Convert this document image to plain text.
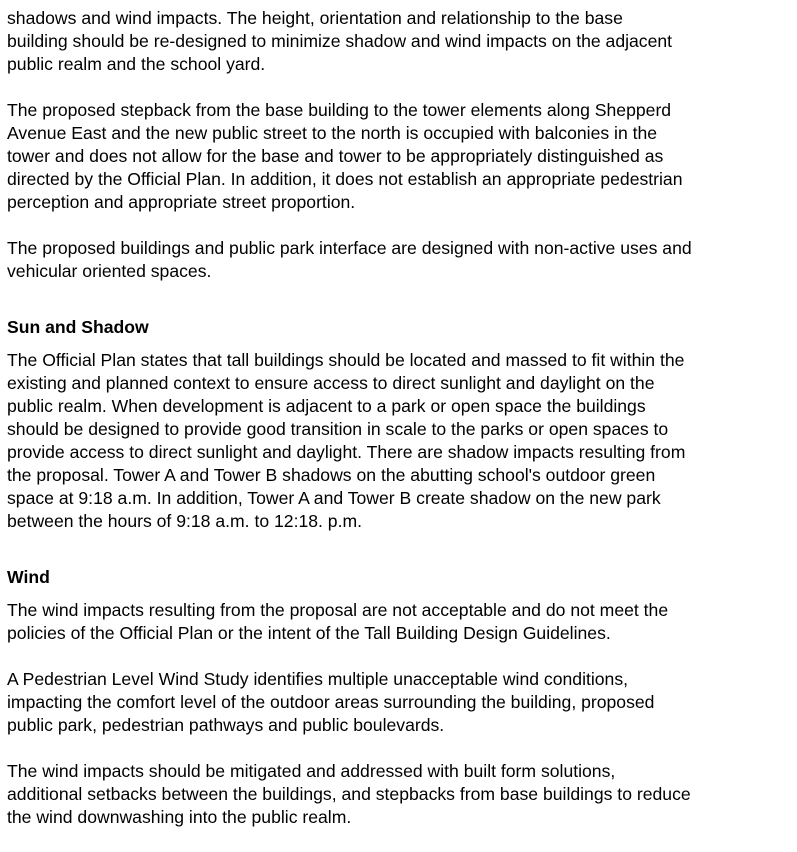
shadows and wind impacts. The height, orientation and relationship to the base
building should be re-designed to minimize shadow and wind impacts on the adjacent
public realm and the school yard.

The proposed stepback from the base building to the tower elements along Shepperd
Avenue East and the new public street to the north is occupied with balconies in the
tower and does not allow for the base and tower to be appropriately distinguished as
directed by the Official Plan. In addition, it does not establish an appropriate pedestrian
perception and appropriate street proportion.

The proposed buildings and public park interface are designed with non-active uses and
vehicular oriented spaces.

Sun and Shadow

The Official Plan states that tall buildings should be located and massed to fit within the
existing and planned context to ensure access to direct sunlight and daylight on the
public realm. When development is adjacent to a park or open space the buildings
should be designed to provide good transition in scale to the parks or open spaces to
provide access to direct sunlight and daylight. There are shadow impacts resulting from
the proposal. Tower A and Tower B shadows on the abutting school's outdoor green
space at 9:18 a.m. In addition, Tower A and Tower B create shadow on the new park
between the hours of 9:18 a.m. to 12:18. p.m.

Wind

The wind impacts resulting from the proposal are not acceptable and do not meet the
policies of the Official Plan or the intent of the Tall Building Design Guidelines.

A Pedestrian Level Wind Study identifies multiple unacceptable wind conditions,
impacting the comfort level of the outdoor areas surrounding the building, proposed
public park, pedestrian pathways and public boulevards.

The wind impacts should be mitigated and addressed with built form solutions,
additional setbacks between the buildings, and stepbacks from base buildings to reduce
the wind downwashing into the public realm.
